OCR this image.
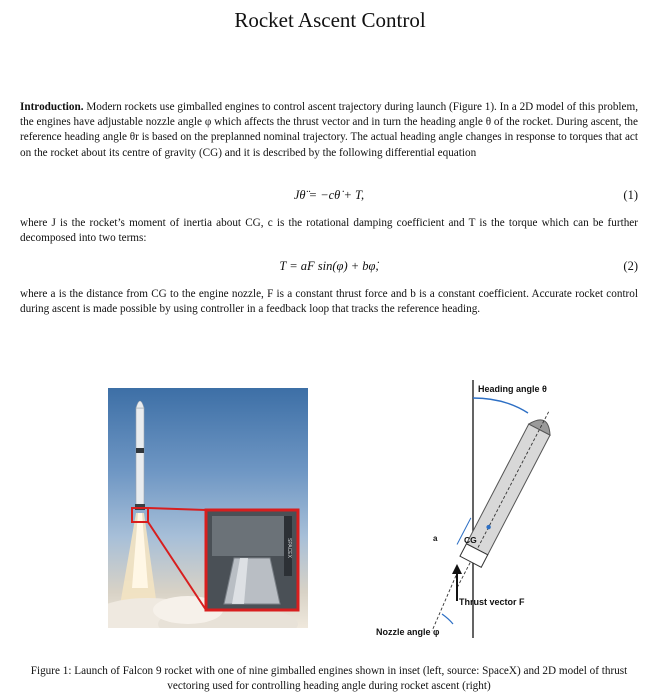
Rocket Ascent Control
Introduction. Modern rockets use gimballed engines to control ascent trajectory during launch (Figure 1). In a 2D model of this problem, the engines have adjustable nozzle angle φ which affects the thrust vector and in turn the heading angle θ of the rocket. During ascent, the reference heading angle θr is based on the preplanned nominal trajectory. The actual heading angle changes in response to torques that act on the rocket about its centre of gravity (CG) and it is described by the following differential equation
Jθ̈ = −cθ̇ + T,	(1)
where J is the rocket’s moment of inertia about CG, c is the rotational damping coefficient and T is the torque which can be further decomposed into two terms:
T = aF sin(φ) + bφ̇,	(2)
where a is the distance from CG to the engine nozzle, F is a constant thrust force and b is a constant coefficient. Accurate rocket control during ascent is made possible by using controller in a feedback loop that tracks the reference heading.
SPACEX
Heading angle θ
Thrust vector F
CG
a
Nozzle angle φ
Figure 1: Launch of Falcon 9 rocket with one of nine gimballed engines shown in inset (left, source: SpaceX) and 2D model of thrust vectoring used for controlling heading angle during rocket ascent (right)
